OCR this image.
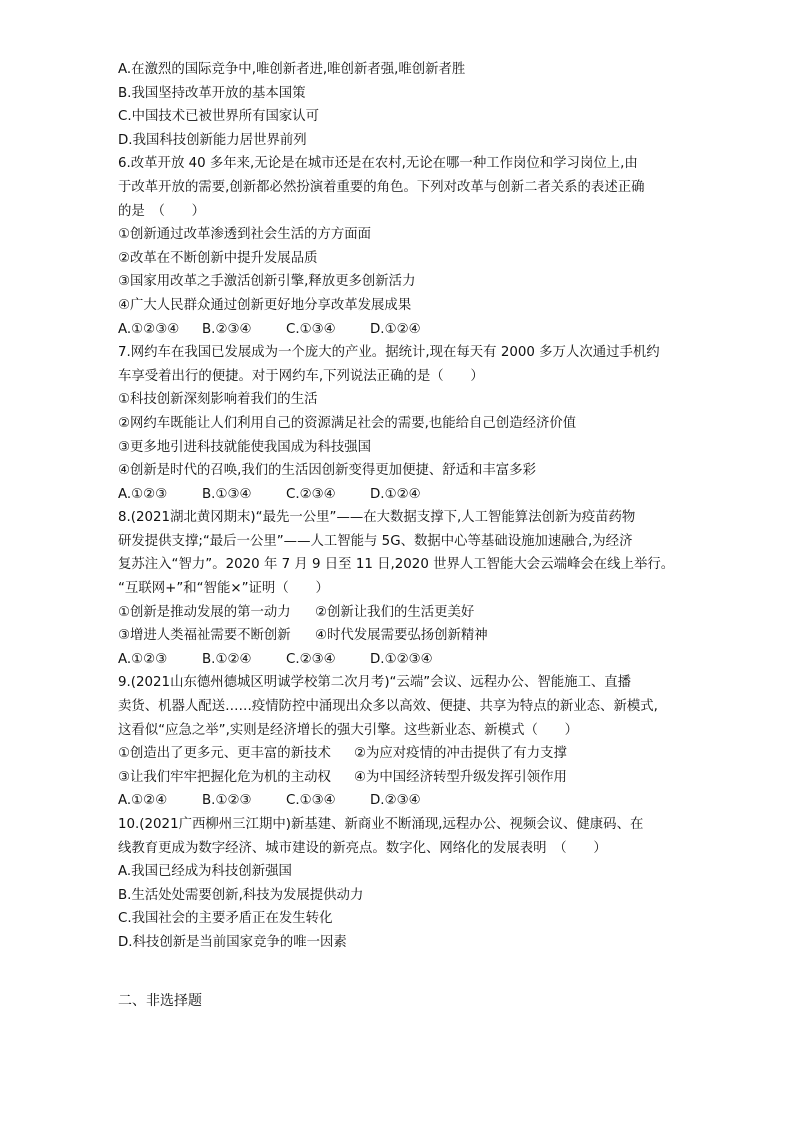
A.在激烈的国际竞争中,唯创新者进,唯创新者强,唯创新者胜
B.我国坚持改革开放的基本国策
C.中国技术已被世界所有国家认可
D.我国科技创新能力居世界前列
6.改革开放 40 多年来,无论是在城市还是在农村,无论在哪一种工作岗位和学习岗位上,由
于改革开放的需要,创新都必然扮演着重要的角色。下列对改革与创新二者关系的表述正确
的是　（　　）
①创新通过改革渗透到社会生活的方方面面
②改革在不断创新中提升发展品质
③国家用改革之手激活创新引擎,释放更多创新活力
④广大人民群众通过创新更好地分享改革发展成果
A.①②③④ B.②③④	C.①③④	D.①②④
7.网约车在我国已发展成为一个庞大的产业。据统计,现在每天有 2000 多万人次通过手机约
车享受着出行的便捷。对于网约车,下列说法正确的是（　　）
①科技创新深刻影响着我们的生活
②网约车既能让人们利用自己的资源满足社会的需要,也能给自己创造经济价值
③更多地引进科技就能使我国成为科技强国
④创新是时代的召唤,我们的生活因创新变得更加便捷、舒适和丰富多彩
A.①②③	B.①③④	C.②③④	D.①②④
8.(2021湖北黄冈期末)“最先一公里”——在大数据支撑下,人工智能算法创新为疫苗药物
研发提供支撑;“最后一公里”——人工智能与 5G、数据中心等基础设施加速融合,为经济
复苏注入“智力”。2020 年 7 月 9 日至 11 日,2020 世界人工智能大会云端峰会在线上举行。
“互联网+”和“智能×”证明（　　）
①创新是推动发展的第一动力 ②创新让我们的生活更美好
③增进人类福祉需要不断创新 ④时代发展需要弘扬创新精神
A.①②③	B.①②④	C.②③④	D.①②③④
9.(2021山东德州德城区明诚学校第二次月考)“云端”会议、远程办公、智能施工、直播
卖货、机器人配送……疫情防控中涌现出众多以高效、便捷、共享为特点的新业态、新模式,
这看似“应急之举”,实则是经济增长的强大引擎。这些新业态、新模式（　　）
①创造出了更多元、更丰富的新技术 ②为应对疫情的冲击提供了有力支撑
③让我们牢牢把握化危为机的主动权 ④为中国经济转型升级发挥引领作用
A.①②④	B.①②③	C.①③④	D.②③④
10.(2021广西柳州三江期中)新基建、新商业不断涌现,远程办公、视频会议、健康码、在
线教育更成为数字经济、城市建设的新亮点。数字化、网络化的发展表明　（　　）
A.我国已经成为科技创新强国
B.生活处处需要创新,科技为发展提供动力
C.我国社会的主要矛盾正在发生转化
D.科技创新是当前国家竞争的唯一因素
二、非选择题
